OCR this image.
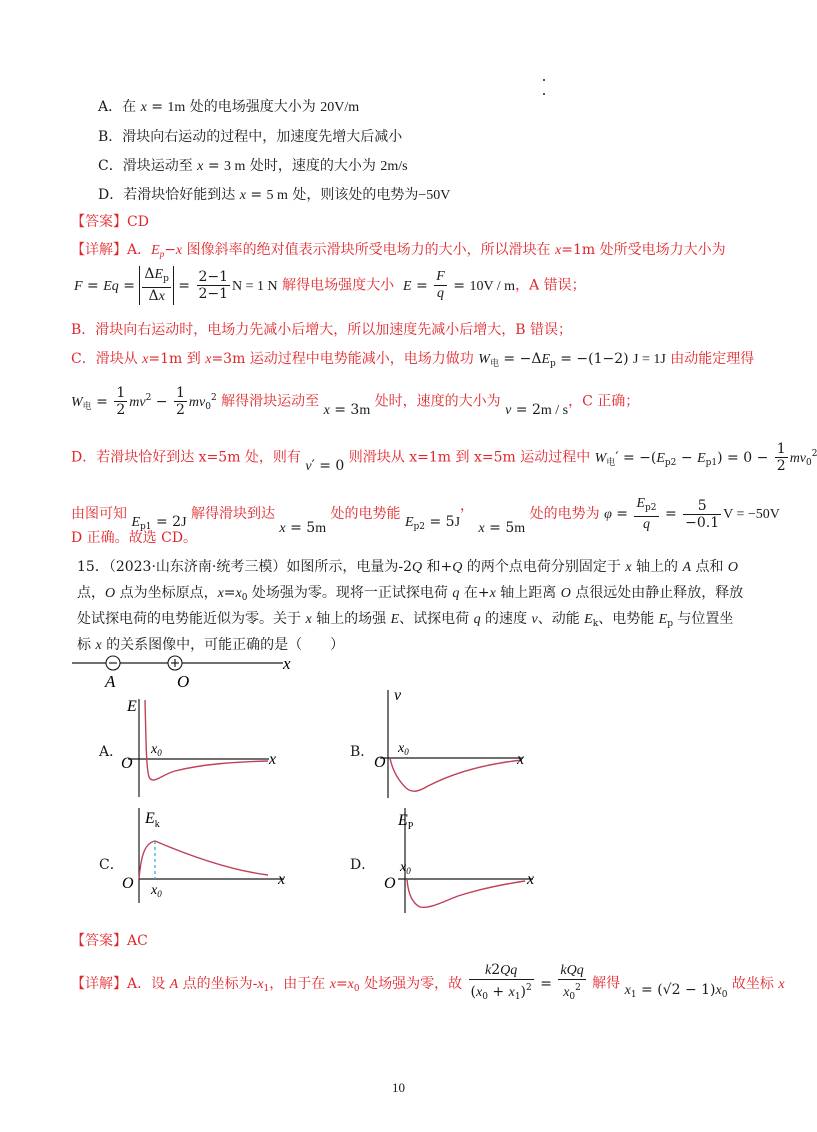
A．在 x = 1m 处的电场强度大小为 20V/m
B．滑块向右运动的过程中，加速度先增大后减小
C．滑块运动至 x = 3 m 处时，速度的大小为 2m/s
D．若滑块恰好能到达 x = 5 m 处，则该处的电势为−50V
【答案】CD
【详解】A．$E_p-x$ 图像斜率的绝对值表示滑块所受电场力的大小，所以滑块在 x=1m 处所受电场力大小为
$F = Eq = \frac{\Delta E_p}{\Delta x} = \frac{2-1}{2-1}$ N = 1 N 解得电场强度大小 $E = \frac{F}{q} = 10V / m$，A 错误；
B．滑块向右运动时，电场力先减小后增大，所以加速度先减小后增大，B 错误；
C．滑块从 x=1m 到 x=3m 运动过程中电势能减小，电场力做功 $W_电 = -\Delta E_p = -(1-2) J = 1J$ 由动能定理得
$W_电 = \frac{1}{2} mv^2 - \frac{1}{2} mv_0^2$ 解得滑块运动至 x = 3m 处时，速度的大小为 v = 2m / s，C 正确；
D．若滑块恰好到达 x=5m 处，则有 v′ = 0 则滑块从 x=1m 到 x=5m 运动过程中 $W_电' = -(E_{p2} - E_{p1}) = 0 - \frac{1}{2} mv_0^2$
由图可知 $E_{p1} = 2J$ 解得滑块到达 x = 5m 处的电势能 $E_{p2} = 5J$， x = 5m 处的电势为 $\varphi = \frac{E_{p2}}{q} = \frac{5}{-0.1}$ V = −50V
D 正确。故选 CD。
15．（2023·山东济南·统考三模）如图所示，电量为-2Q 和+Q 的两个点电荷分别固定于 x 轴上的 A 点和 O
点，O 点为坐标原点，$x=x_0$ 处场强为零。现将一正试探电荷 q 在+x 轴上距离 O 点很远处由静止释放，释放
处试探电荷的电势能近似为零。关于 x 轴上的场强 E、试探电荷 q 的速度 v、动能 $E_k$、电势能 $E_p$ 与位置坐
标 x 的关系图像中，可能正确的是（　　）
A	O
x
A．
E
$x_0$
O	x	B．
v
$x_0$
O	x
C．
$E_k$
$x_0$
O	x
D．
$E_P$
$x_0$
O	x
【答案】AC
【详解】A．设 A 点的坐标为$-x_1$，由于在 $x=x_0$ 处场强为零，故 $\frac{k2Qq}{(x_0 + x_1)^2} = \frac{\text{kQq}}{x_0^2}$ 解得 $x_1 = (√2 - 1)x_0$ 故坐标 x
10
